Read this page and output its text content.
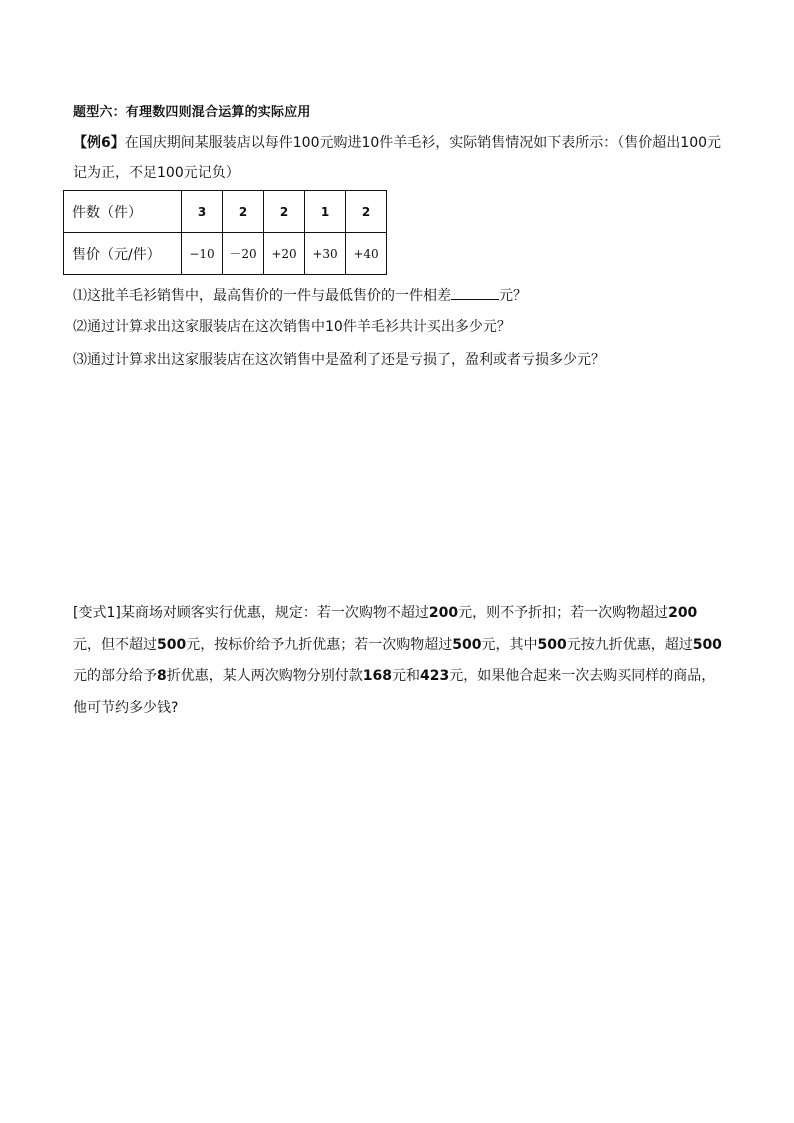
题型六：有理数四则混合运算的实际应用
【例6】在国庆期间某服装店以每件100元购进10件羊毛衫，实际销售情况如下表所示：（售价超出100元记为正，不足100元记负）
件数（件）	3	2	2	1	2
售价（元/件）	−10	－20	+20	+30	+40
⑴这批羊毛衫销售中，最高售价的一件与最低售价的一件相差	元？
⑵通过计算求出这家服装店在这次销售中10件羊毛衫共计买出多少元？
⑶通过计算求出这家服装店在这次销售中是盈利了还是亏损了，盈利或者亏损多少元？
[变式1]某商场对顾客实行优惠，规定：若一次购物不超过200元，则不予折扣；若一次购物超过200元，但不超过500元，按标价给予九折优惠；若一次购物超过500元，其中500元按九折优惠，超过500元的部分给予8折优惠，某人两次购物分别付款168元和423元，如果他合起来一次去购买同样的商品，他可节约多少钱?
